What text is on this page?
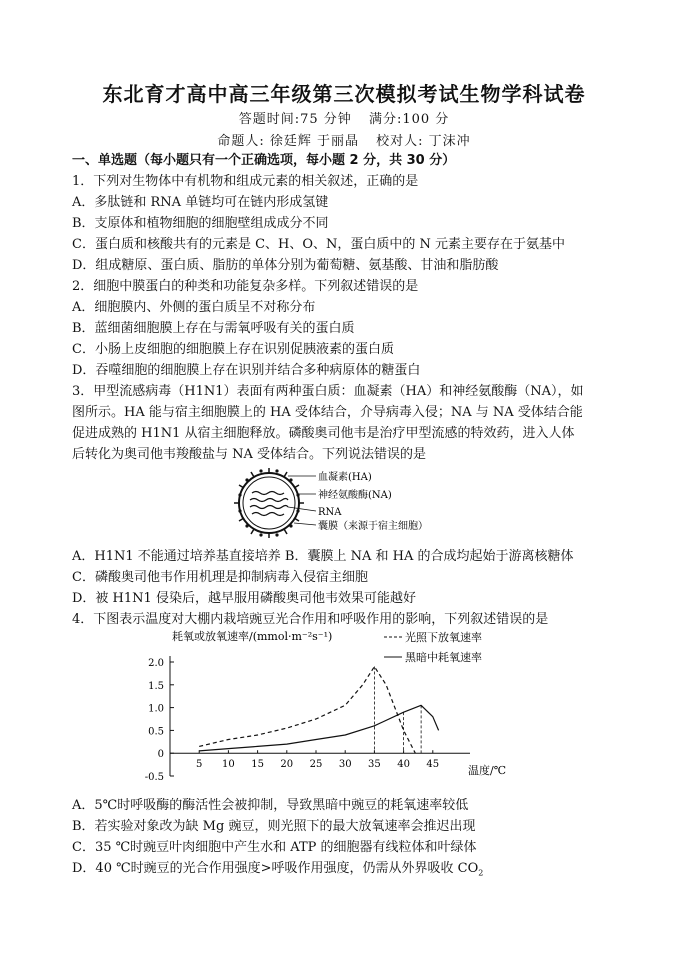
东北育才高中高三年级第三次模拟考试生物学科试卷
答题时间:75 分钟 满分:100 分
命题人: 徐廷辉 于丽晶 校对人: 丁沫冲
一、单选题（每小题只有一个正确选项，每小题 2 分，共 30 分）
1．下列对生物体中有机物和组成元素的相关叙述，正确的是
A．多肽链和 RNA 单链均可在链内形成氢键
B．支原体和植物细胞的细胞壁组成成分不同
C．蛋白质和核酸共有的元素是 C、H、O、N，蛋白质中的 N 元素主要存在于氨基中
D．组成糖原、蛋白质、脂肪的单体分别为葡萄糖、氨基酸、甘油和脂肪酸
2．细胞中膜蛋白的种类和功能复杂多样。下列叙述错误的是
A．细胞膜内、外侧的蛋白质呈不对称分布
B．蓝细菌细胞膜上存在与需氧呼吸有关的蛋白质
C．小肠上皮细胞的细胞膜上存在识别促胰液素的蛋白质
D．吞噬细胞的细胞膜上存在识别并结合多种病原体的糖蛋白
3．甲型流感病毒（H1N1）表面有两种蛋白质：血凝素（HA）和神经氨酸酶（NA），如
图所示。HA 能与宿主细胞膜上的 HA 受体结合，介导病毒入侵；NA 与 NA 受体结合能
促进成熟的 H1N1 从宿主细胞释放。磷酸奥司他韦是治疗甲型流感的特效药，进入人体
后转化为奥司他韦羧酸盐与 NA 受体结合。下列说法错误的是
血凝素(HA)
神经氨酸酶(NA)
RNA
囊膜（来源于宿主细胞）
A．H1N1 不能通过培养基直接培养 B．囊膜上 NA 和 HA 的合成均起始于游离核糖体
C．磷酸奥司他韦作用机理是抑制病毒入侵宿主细胞
D．被 H1N1 侵染后，越早服用磷酸奥司他韦效果可能越好
4．下图表示温度对大棚内栽培豌豆光合作用和呼吸作用的影响，下列叙述错误的是
耗氧或放氧速率/(mmol·m⁻²s⁻¹)
温度/℃
光照下放氧速率
黑暗中耗氧速率
2.0
1.5
1.0
0.5
0
-0.5
5 10 15 20 25 30 35 40 45
A．5℃时呼吸酶的酶活性会被抑制，导致黑暗中豌豆的耗氧速率较低
B．若实验对象改为缺 Mg 豌豆，则光照下的最大放氧速率会推迟出现
C．35 ℃时豌豆叶肉细胞中产生水和 ATP 的细胞器有线粒体和叶绿体
D．40 ℃时豌豆的光合作用强度>呼吸作用强度，仍需从外界吸收 $CO_2$
